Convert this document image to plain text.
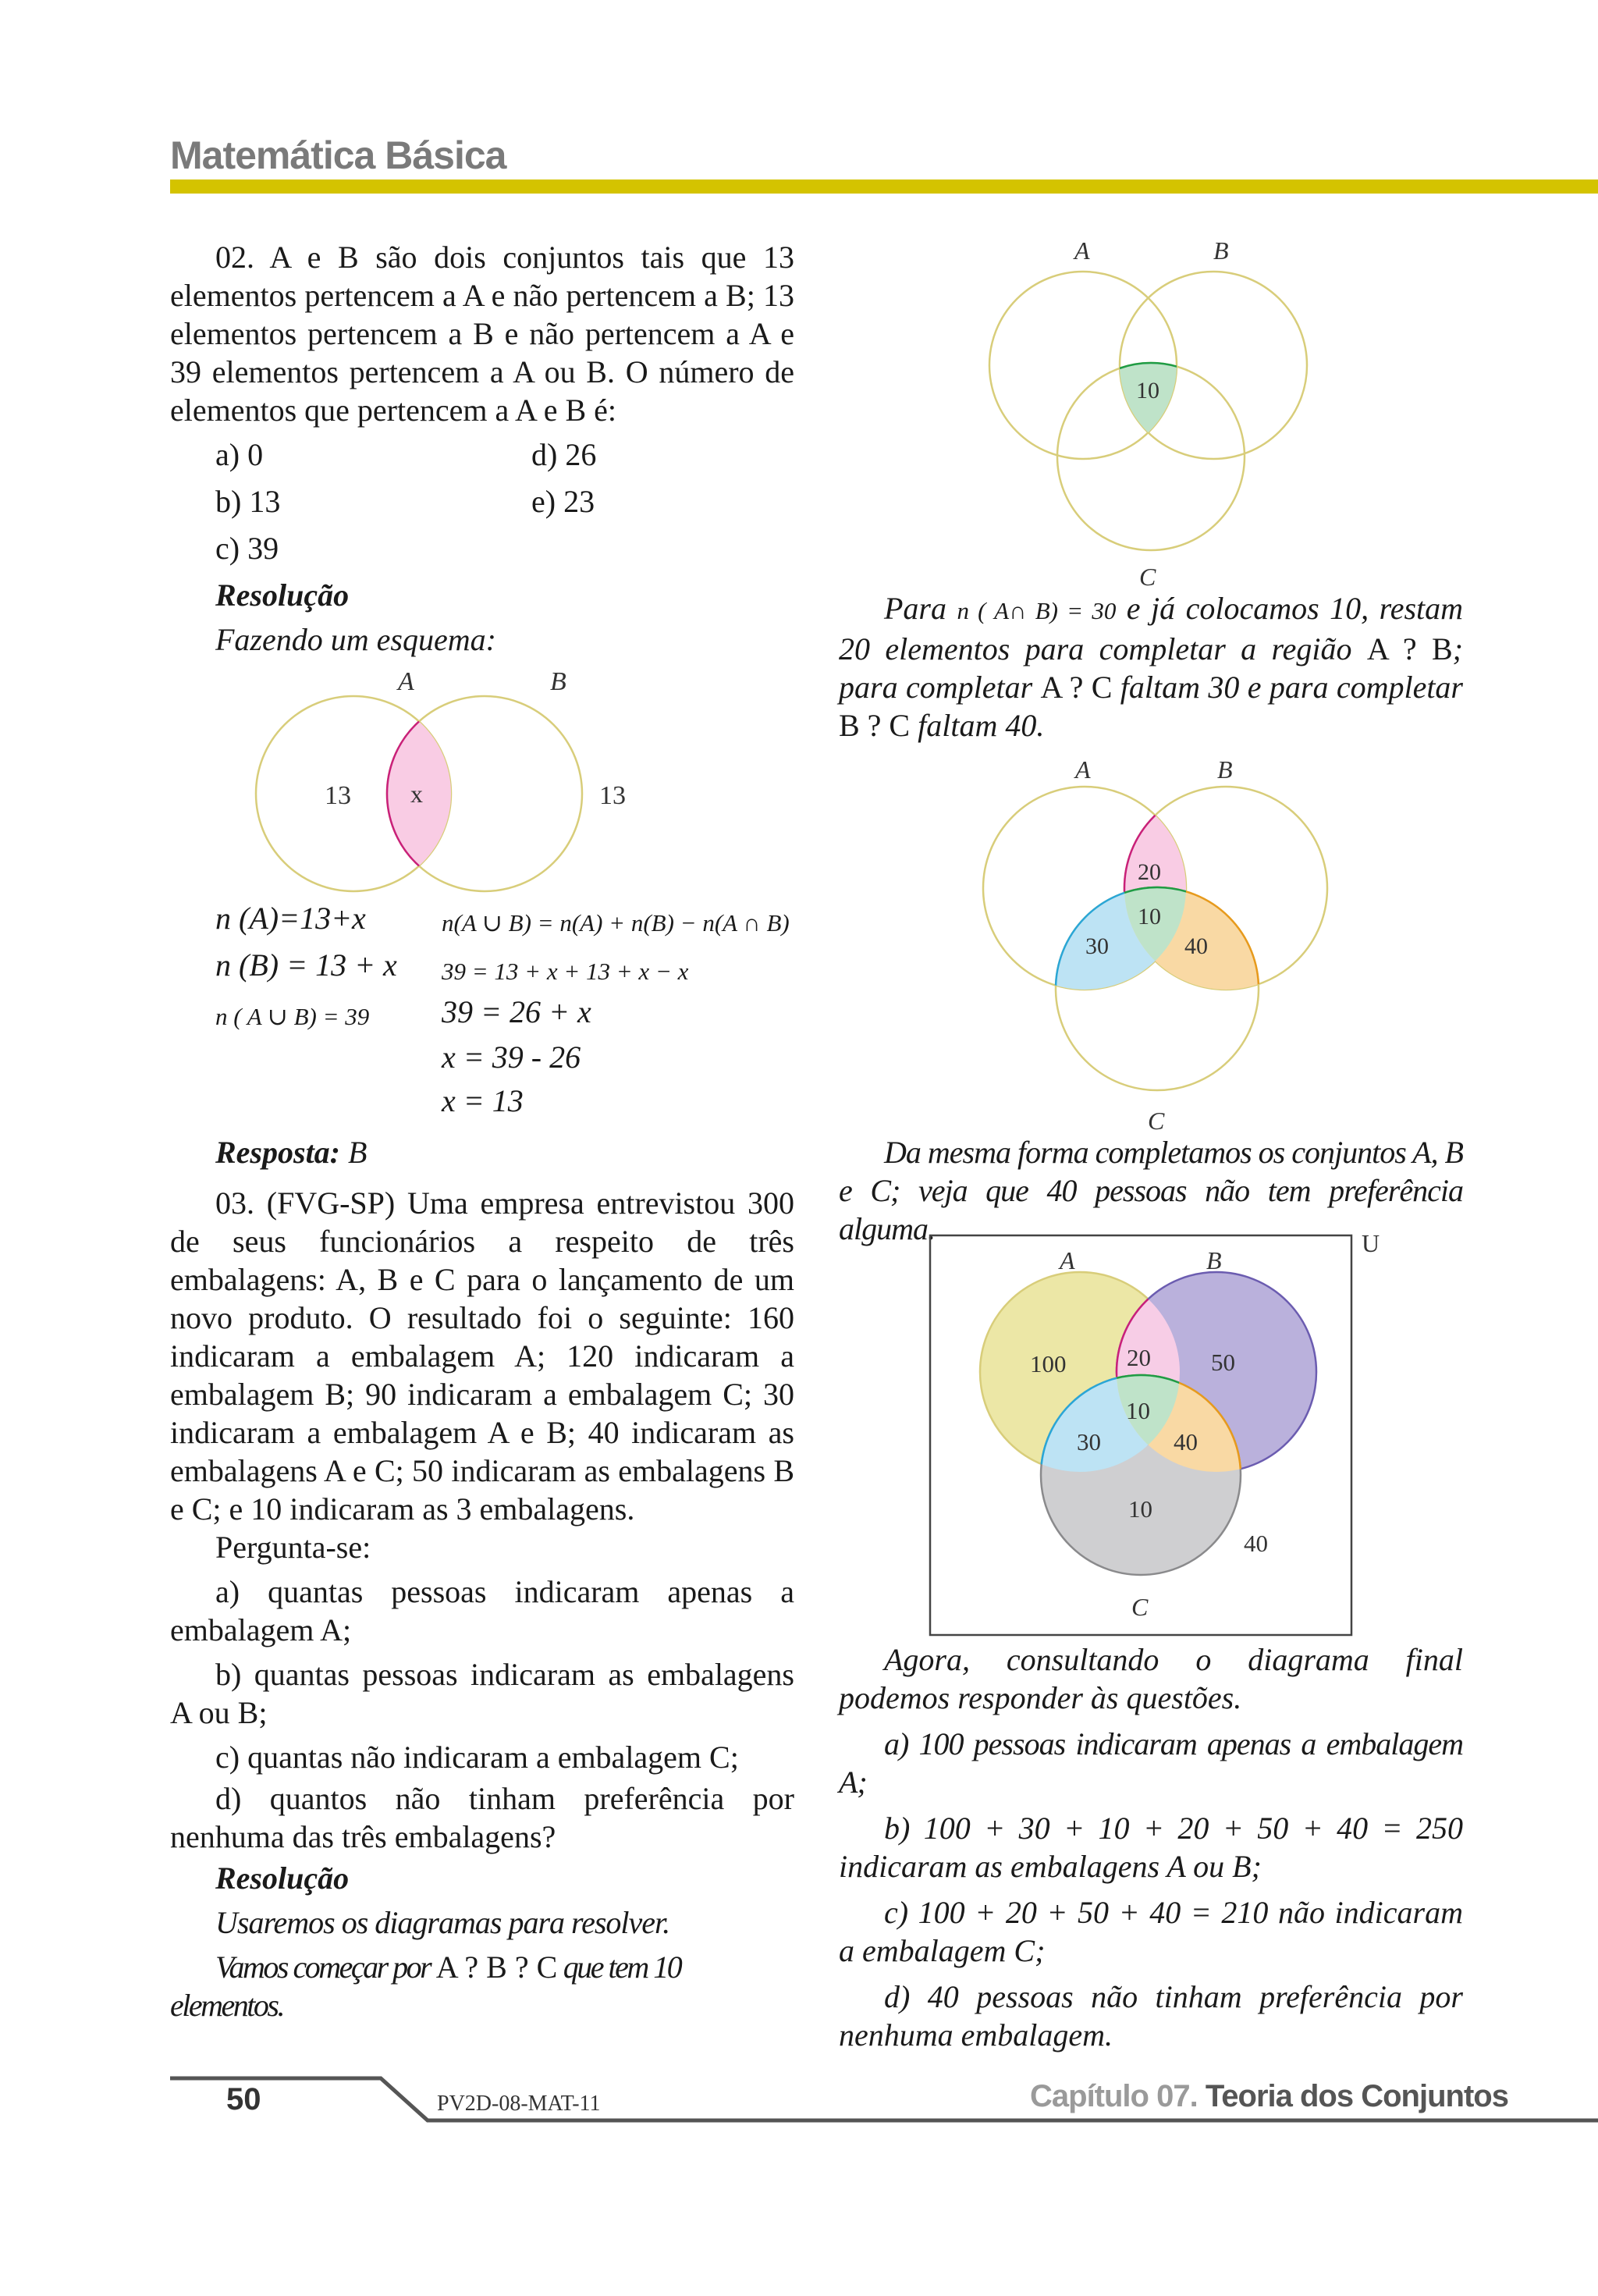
Matemática Básica

02. A e B são dois conjuntos tais que 13 elementos pertencem a A e não pertencem a B; 13 elementos pertencem a B e não pertencem a A e 39 elementos pertencem a A ou B. O número de elementos que pertencem a A e B é:

a) 0	d) 26
b) 13	e) 23
c) 39

Resolução

Fazendo um esquema:

A	B
13 x	13
n (A)=13+x
n (B) = 13 + x
n ( A ∪ B) = 39
n(A ∪ B) = n(A) + n(B) − n(A ∩ B)
39 = 13 + x + 13 + x − x
39 = 26 + x
x = 39 - 26
x = 13

Resposta: B

03. (FVG-SP) Uma empresa entrevistou 300 de seus funcionários a respeito de três embalagens: A, B e C para o lançamento de um novo produto. O resultado foi o seguinte: 160 indicaram a embalagem A; 120 indicaram a embalagem B; 90 indicaram a embalagem C; 30 indicaram a embalagem A e B; 40 indicaram as embalagens A e C; 50 indicaram as embalagens B e C; e 10 indicaram as 3 embalagens.

Pergunta-se:

a) quantas pessoas indicaram apenas a embalagem A;

b) quantas pessoas indicaram as embalagens A ou B;

c) quantas não indicaram a embalagem C;

d) quantos não tinham preferência por nenhuma das três embalagens?

Resolução

Usaremos os diagramas para resolver.

Vamos começar por A ? B ? C que tem 10 elementos.

A	B
C
10
Para n ( A∩ B) = 30 e já colocamos 10, restam 20 elementos para completar a região A ? B; para completar A ? C faltam 30 e para completar B ? C faltam 40.
A	B
C
20
10
30	40
Da mesma forma completamos os conjuntos A, B e C; veja que 40 pessoas não tem preferência alguma.	U
A	B
C
100	20 50
10
30	40
10
40

Agora, consultando o diagrama final podemos responder às questões.

a) 100 pessoas indicaram apenas a embalagem A;

b) 100 + 30 + 10 + 20 + 50 + 40 = 250 indicaram as embalagens A ou B;

c) 100 + 20 + 50 + 40 = 210 não indicaram a embalagem C;

d) 40 pessoas não tinham preferência por nenhuma embalagem.

50	PV2D-08-MAT-11	Capítulo 07. Teoria dos Conjuntos
